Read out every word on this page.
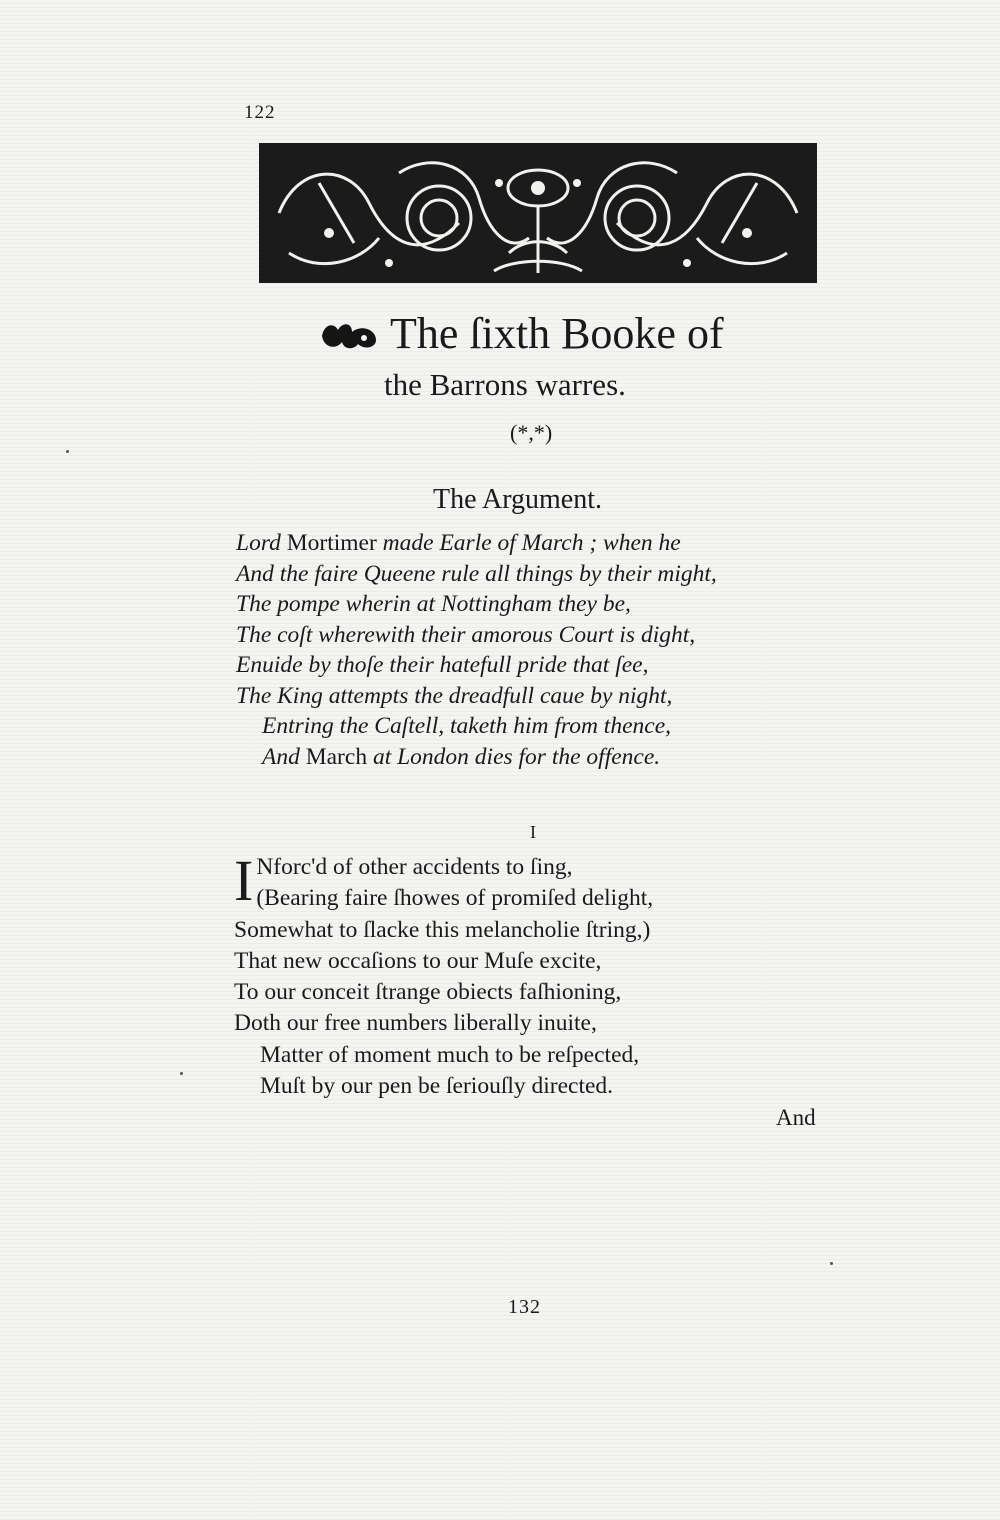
122
The ſixth Booke of
the Barrons warres.
(*,*)
The Argument.
Lord Mortimer made Earle of March ; when he
And the faire Queene rule all things by their might,
The pompe wherin at Nottingham they be,
The coſt wherewith their amorous Court is dight,
Enuide by thoſe their hatefull pride that ſee,
The King attempts the dreadfull caue by night,
Entring the Caſtell, taketh him from thence,
And March at London dies for the offence.
I
I Nforc'd of other accidents to ſing,
(Bearing faire ſhowes of promiſed delight,
Somewhat to ſlacke this melancholie ſtring,)
That new occaſions to our Muſe excite,
To our conceit ſtrange obiects faſhioning,
Doth our free numbers liberally inuite,
Matter of moment much to be reſpected,
Muſt by our pen be ſeriouſly directed.
And
132
